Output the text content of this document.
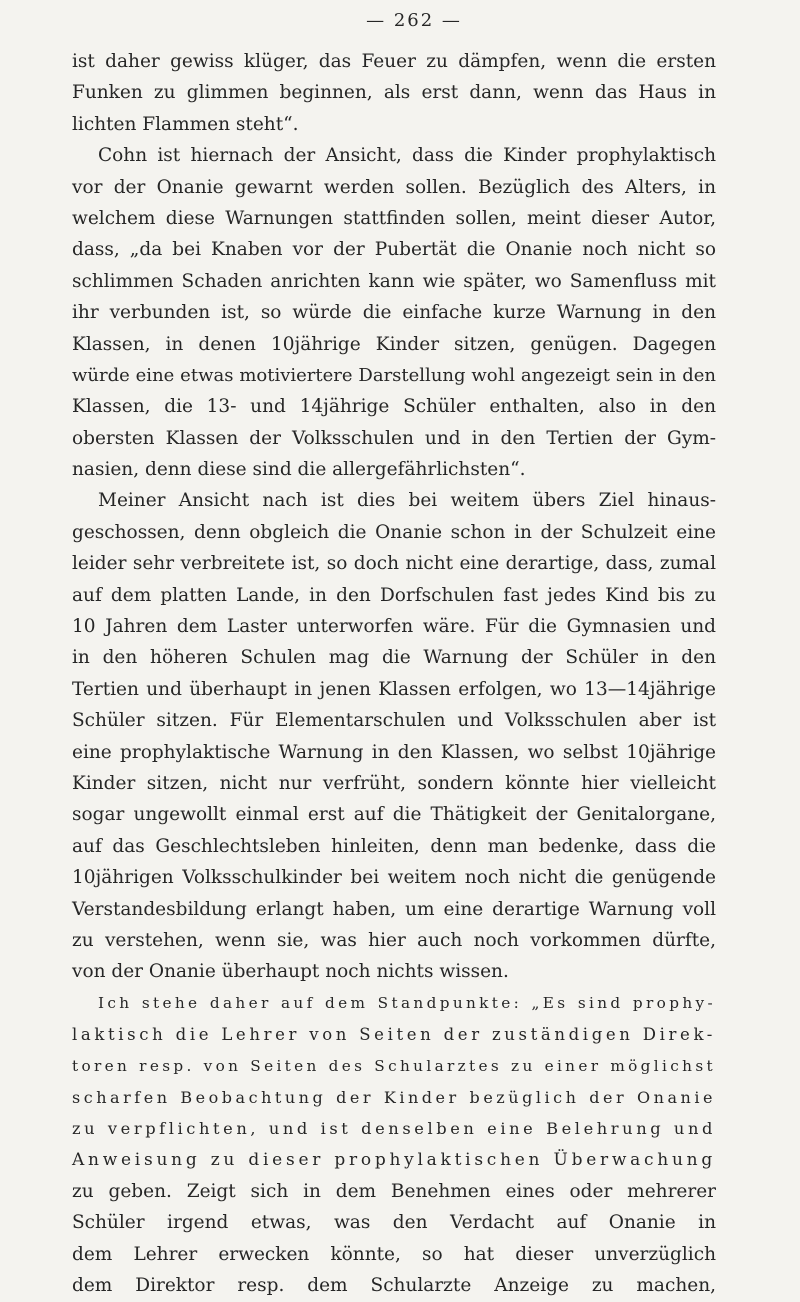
— 262 —
ist daher gewiss klüger, das Feuer zu dämpfen, wenn die ersten
Funken zu glimmen beginnen, als erst dann, wenn das Haus in
lichten Flammen steht“.
Cohn ist hiernach der Ansicht, dass die Kinder prophylaktisch
vor der Onanie gewarnt werden sollen. Bezüglich des Alters, in
welchem diese Warnungen stattfinden sollen, meint dieser Autor,
dass, „da bei Knaben vor der Pubertät die Onanie noch nicht so
schlimmen Schaden anrichten kann wie später, wo Samenfluss mit
ihr verbunden ist, so würde die einfache kurze Warnung in den
Klassen, in denen 10jährige Kinder sitzen, genügen. Dagegen
würde eine etwas motiviertere Darstellung wohl angezeigt sein in den
Klassen, die 13- und 14jährige Schüler enthalten, also in den
obersten Klassen der Volksschulen und in den Tertien der Gym-
nasien, denn diese sind die allergefährlichsten“.
Meiner Ansicht nach ist dies bei weitem übers Ziel hinaus-
geschossen, denn obgleich die Onanie schon in der Schulzeit eine
leider sehr verbreitete ist, so doch nicht eine derartige, dass, zumal
auf dem platten Lande, in den Dorfschulen fast jedes Kind bis zu
10 Jahren dem Laster unterworfen wäre. Für die Gymnasien und
in den höheren Schulen mag die Warnung der Schüler in den
Tertien und überhaupt in jenen Klassen erfolgen, wo 13—14jährige
Schüler sitzen. Für Elementarschulen und Volksschulen aber ist
eine prophylaktische Warnung in den Klassen, wo selbst 10jährige
Kinder sitzen, nicht nur verfrüht, sondern könnte hier vielleicht
sogar ungewollt einmal erst auf die Thätigkeit der Genitalorgane,
auf das Geschlechtsleben hinleiten, denn man bedenke, dass die
10jährigen Volksschulkinder bei weitem noch nicht die genügende
Verstandesbildung erlangt haben, um eine derartige Warnung voll
zu verstehen, wenn sie, was hier auch noch vorkommen dürfte,
von der Onanie überhaupt noch nichts wissen.
Ich stehe daher auf dem Standpunkte: „Es sind prophy-
laktisch die Lehrer von Seiten der zuständigen Direk-
toren resp. von Seiten des Schularztes zu einer möglichst
scharfen Beobachtung der Kinder bezüglich der Onanie
zu verpflichten, und ist denselben eine Belehrung und
Anweisung zu dieser prophylaktischen Überwachung
zu geben. Zeigt sich in dem Benehmen eines oder mehrerer
Schüler irgend etwas, was den Verdacht auf Onanie in
dem Lehrer erwecken könnte, so hat dieser unverzüglich
dem Direktor resp. dem Schularzte Anzeige zu machen,
